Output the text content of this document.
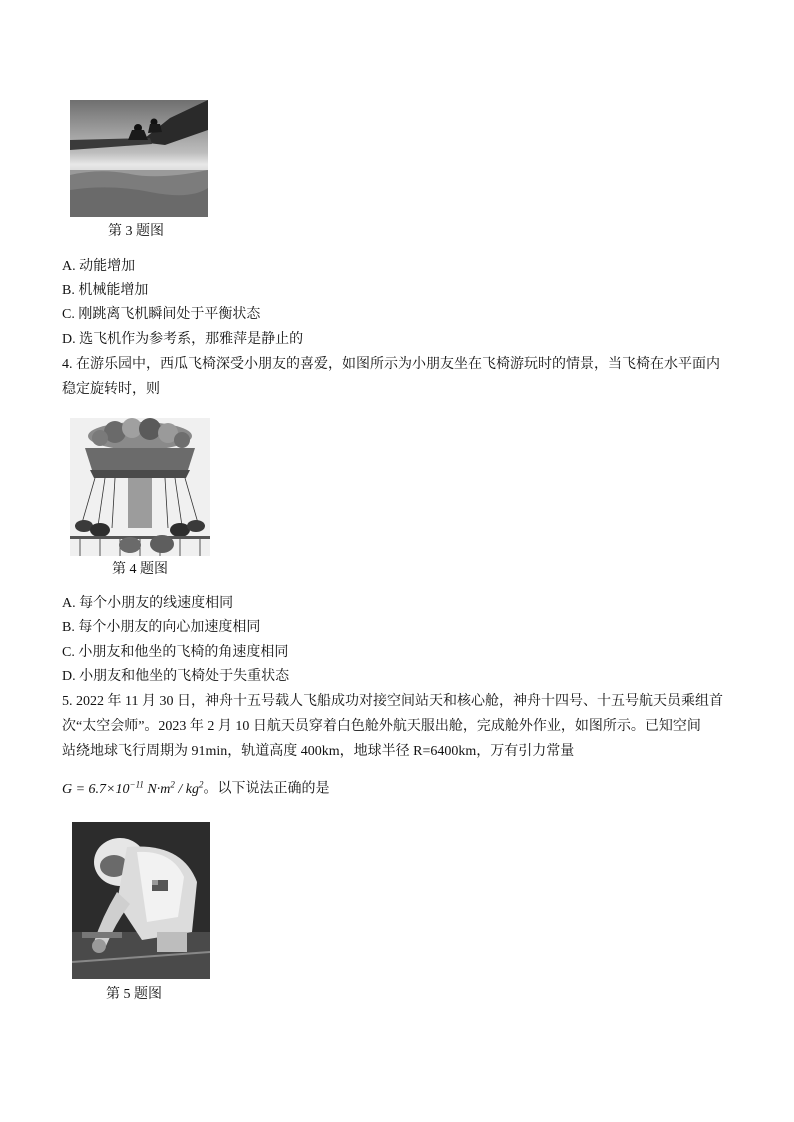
第 3 题图
A. 动能增加
B. 机械能增加
C. 刚跳离飞机瞬间处于平衡状态
D. 选飞机作为参考系，那雅萍是静止的
4. 在游乐园中，西瓜飞椅深受小朋友的喜爱，如图所示为小朋友坐在飞椅游玩时的情景，当飞椅在水平面内
稳定旋转时，则
第 4 题图
A. 每个小朋友的线速度相同
B. 每个小朋友的向心加速度相同
C. 小朋友和他坐的飞椅的角速度相同
D. 小朋友和他坐的飞椅处于失重状态
5. 2022 年 11 月 30 日，神舟十五号载人飞船成功对接空间站天和核心舱，神舟十四号、十五号航天员乘组首
次“太空会师”。2023 年 2 月 10 日航天员穿着白色舱外航天服出舱，完成舱外作业，如图所示。已知空间
站绕地球飞行周期为 91min，轨道高度 400km，地球半径 R=6400km，万有引力常量
$G = 6.7\times 10^{-11}$ $N\cdot m^2 / kg^2$。以下说法正确的是
第 5 题图
